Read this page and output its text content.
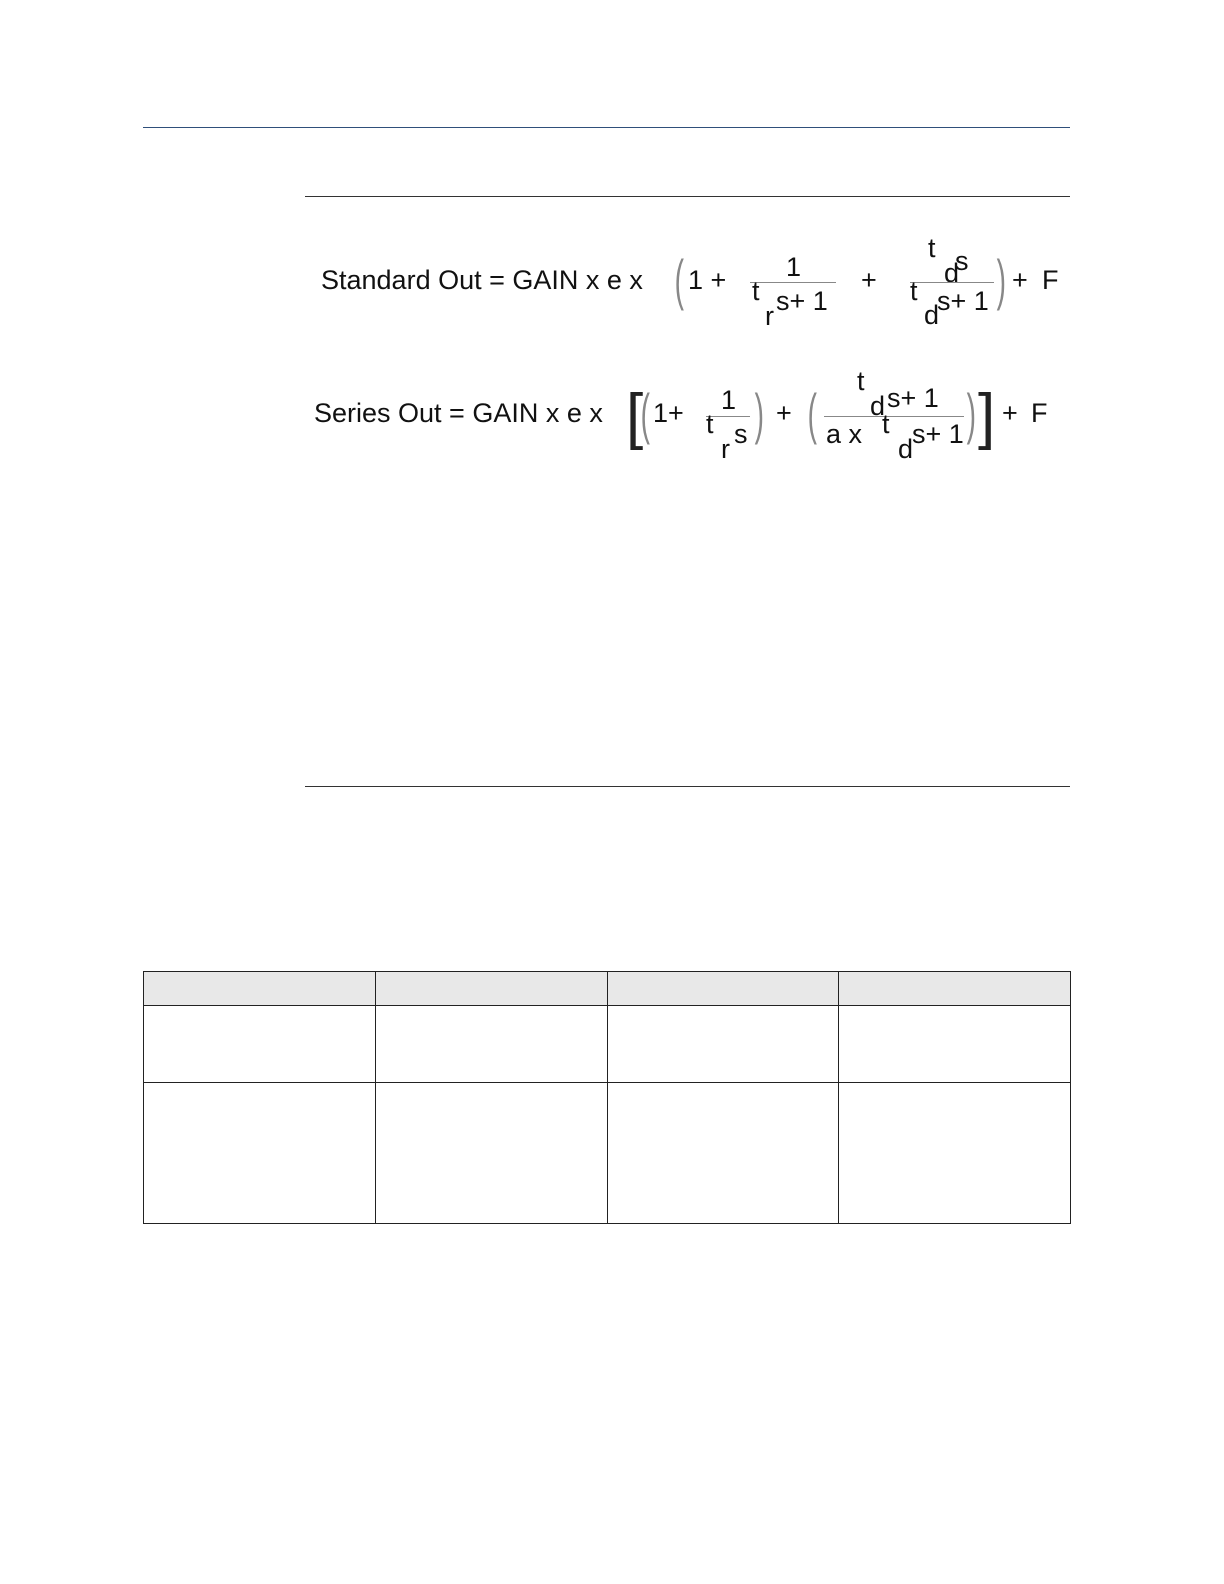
Standard Out = GAIN x e x ( 1 + 1
t
r s+ 1
+
t
d
s
t
d
s+ 1 ) + F
Series Out = GAIN x e x [
( 1+ 1
t
r s ) + (
t
d s+ 1
a x t
d
s+ 1 ) ] + F
